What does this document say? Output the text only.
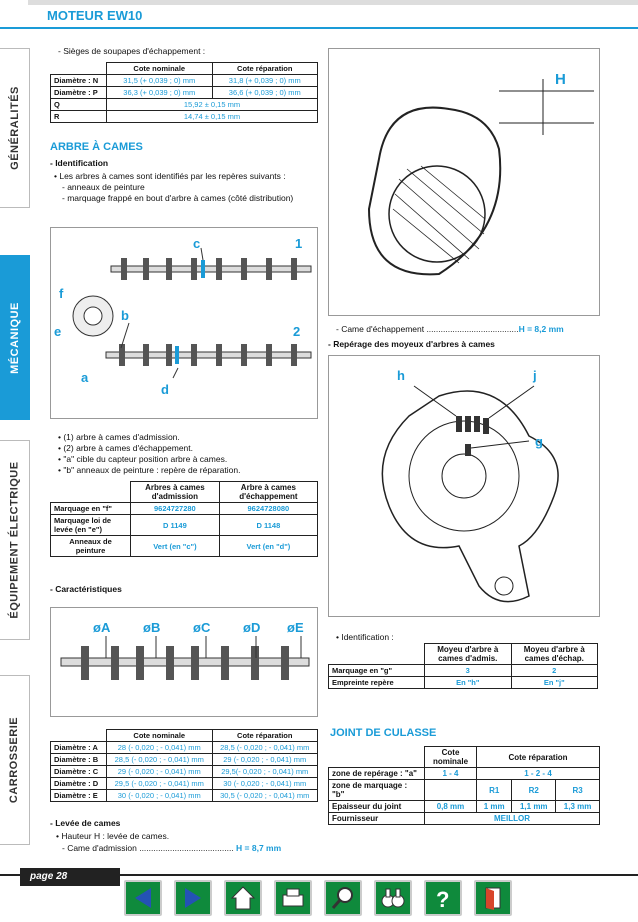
MOTEUR EW10
GÉNÉRALITÉS
MÉCANIQUE
ÉQUIPEMENT ÉLECTRIQUE
CARROSSERIE
- Sièges de soupapes d'échappement :
	Cote nominale	Cote réparation
Diamètre : N	31,5 (+ 0,039 ; 0) mm	31,8 (+ 0,039 ; 0) mm
Diamètre : P	36,3 (+ 0,039 ; 0) mm	36,6 (+ 0,039 ; 0) mm
Q	15,92 ± 0,15 mm	
R	14,74 ± 0,15 mm	
ARBRE À CAMES
- Identification
• Les arbres à cames sont identifiés par les repères suivants :
- anneaux de peinture
- marquage frappé en bout d'arbre à cames (côté distribution)
c	1
f
b
e	2
a
d
• (1) arbre à cames d'admission.
• (2) arbre à cames d'échappement.
• "a" cible du capteur position arbre à cames.
• "b" anneaux de peinture : repère de réparation.
	Arbres à cames d'admission	Arbre à cames d'échappement
Marquage en "f"	9624727280	9624728080
Marquage loi de levée (en "e")	D 1149	D 1148
Anneaux de peinture	Vert (en "c")	Vert (en "d")
- Caractéristiques
øA	øB	øC	øD øE
	Cote nominale	Cote réparation
Diamètre : A	28 (- 0,020 ; - 0,041) mm	28,5 (- 0,020 ; - 0,041) mm
Diamètre : B	28,5 (- 0,020 ; - 0,041) mm	29 (- 0,020 ; - 0,041) mm
Diamètre : C	29 (- 0,020 ; - 0,041) mm	29,5(- 0,020 ; - 0,041) mm
Diamètre : D	29,5 (- 0,020 ; - 0,041) mm	30 (- 0,020 ; - 0,041) mm
Diamètre : E	30 (- 0,020 ; - 0,041) mm	30,5 (- 0,020 ; - 0,041) mm
- Levée de cames
• Hauteur H : levée de cames.
- Came d'admission ........................................ H = 8,7 mm
H
- Came d'échappement .......................................H = 8,2 mm
- Repérage des moyeux d'arbres à cames
h	j
g
• Identification :
	Moyeu d'arbre à cames d'admis.	Moyeu d'arbre à cames d'échap.
Marquage en "g"	3	2
Empreinte repère	En "h"	En "j"
JOINT DE CULASSE
	Cote nominale	Cote réparation		
zone de repérage : "a"	1 - 4	1 - 2 - 4		
zone de marquage : "b"		R1	R2	R3
Epaisseur du joint	0,8 mm	1 mm	1,1 mm	1,3 mm
Fournisseur	MEILLOR			
page 28
?
